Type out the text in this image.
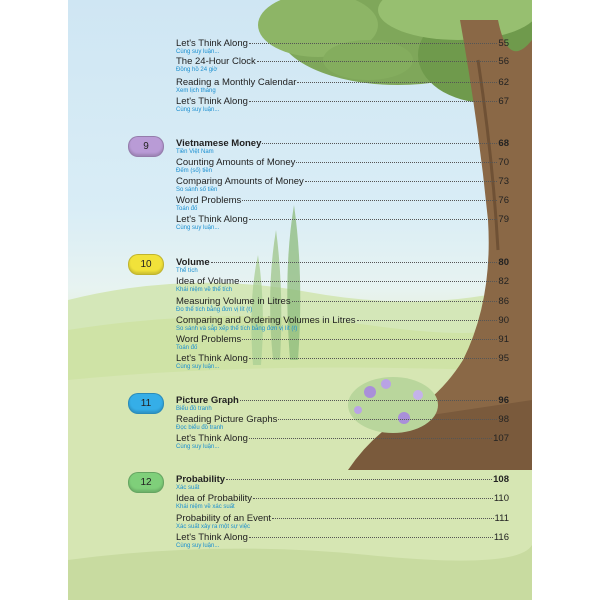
Let's Think Along	55
Cùng suy luận...
The 24-Hour Clock	56
Đồng hồ 24 giờ
Reading a Monthly Calendar	62
Xem lịch tháng
Let's Think Along	67
Cùng suy luận...
9	Vietnamese Money	68
Tiền Việt Nam
Counting Amounts of Money	70
Đếm (số) tiền
Comparing Amounts of Money	73
So sánh số tiền
Word Problems	76
Toán đố
Let's Think Along	79
Cùng suy luận...
10	Volume	80
Thể tích
Idea of Volume	82
Khái niệm về thể tích
Measuring Volume in Litres	86
Đo thể tích bằng đơn vị lít (ℓ)
Comparing and Ordering Volumes in Litres	90
So sánh và sắp xếp thể tích bằng đơn vị lít (ℓ)
Word Problems	91
Toán đố
Let's Think Along	95
Cùng suy luận...
11	Picture Graph	96
Biểu đồ tranh
Reading Picture Graphs	98
Đọc biểu đồ tranh
Let's Think Along	107
Cùng suy luận...
12	Probability	108
Xác suất
Idea of Probability	110
Khái niệm về xác suất
Probability of an Event	111
Xác suất xảy ra một sự việc
Let's Think Along	116
Cùng suy luận...
